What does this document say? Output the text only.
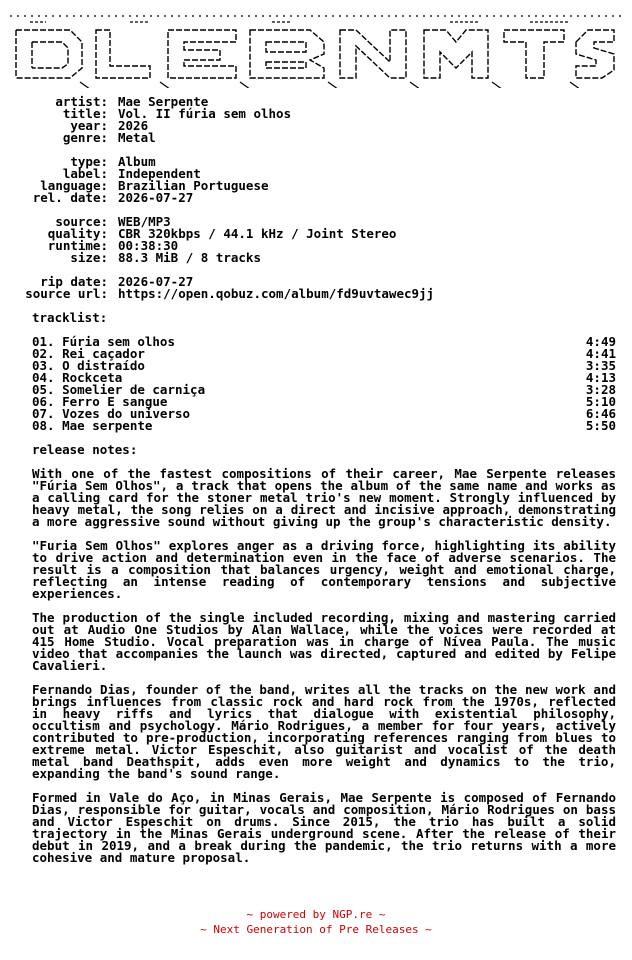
artist: Mae Serpente
title: Vol. II fúria sem olhos
year: 2026
genre: Metal
type: Album
label: Independent
language: Brazilian Portuguese
rel. date: 2026-07-27
source: WEB/MP3
quality: CBR 320kbps / 44.1 kHz / Joint Stereo
runtime: 00:38:30
size: 88.3 MiB / 8 tracks
rip date: 2026-07-27
source url: https://open.qobuz.com/album/fd9uvtawec9jj
tracklist:
01. Fúria sem olhos	4:49
02. Rei caçador	4:41
03. O distraído	3:35
04. Rockceta	4:13
05. Somelier de carniça	3:28
06. Ferro E sangue	5:10
07. Vozes do universo	6:46
08. Mae serpente	5:50
release notes:

With one of the fastest compositions of their career, Mae Serpente releases "Fúria Sem Olhos", a track that opens the album of the same name and works as a calling card for the stoner metal trio's new moment. Strongly influenced by heavy metal, the song relies on a direct and incisive approach, demonstrating a more aggressive sound without giving up the group's characteristic density.

"Furia Sem Olhos" explores anger as a driving force, highlighting its ability to drive action and determination even in the face of adverse scenarios. The result is a composition that balances urgency, weight and emotional charge, reflecting an intense reading of contemporary tensions and subjective experiences.

The production of the single included recording, mixing and mastering carried out at Audio One Studios by Alan Wallace, while the voices were recorded at 415 Home Studio. Vocal preparation was in charge of Nívea Paula. The music video that accompanies the launch was directed, captured and edited by Felipe Cavalieri.

Fernando Dias, founder of the band, writes all the tracks on the new work and brings influences from classic rock and hard rock from the 1970s, reflected in heavy riffs and lyrics that dialogue with existential philosophy, occultism and psychology. Mário Rodrigues, a member for four years, actively contributed to pre-production, incorporating references ranging from blues to extreme metal. Victor Espeschit, also guitarist and vocalist of the death metal band Deathspit, adds even more weight and dynamics to the trio, expanding the band's sound range.

Formed in Vale do Aço, in Minas Gerais, Mae Serpente is composed of Fernando Dias, responsible for guitar, vocals and composition, Mário Rodrigues on bass and Victor Espeschit on drums. Since 2015, the trio has built a solid trajectory in the Minas Gerais underground scene. After the release of their debut in 2019, and a break during the pandemic, the trio returns with a more cohesive and mature proposal.

~ powered by NGP.re ~
~ Next Generation of Pre Releases ~
